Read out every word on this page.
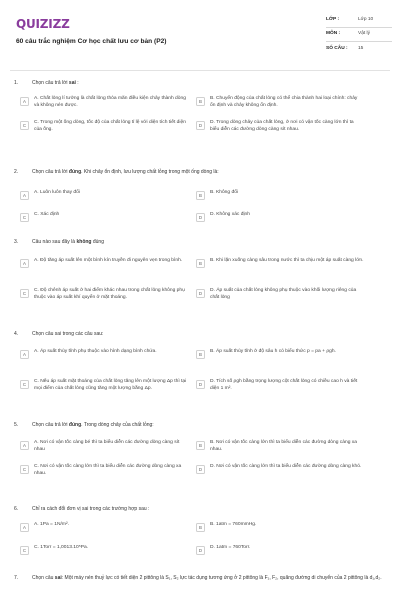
QUIZIZZ
60 câu trắc nghiệm Cơ học chất lưu cơ bản (P2)
LỚP :	Lớp 10
MÔN :	Vật lý
SỐ CÂU :	15
1.	Chọn câu trả lời sai :
A
A. Chất lỏng lí tưởng là chất lỏng thỏa mãn điều kiện chảy thành dòng và không nén được.
B
B. Chuyển động của chất lỏng có thể chia thành hai loại chính: chảy ổn định và chảy không ổn định.
C
C. Trong một ống dòng, tốc độ của chất lỏng tỉ lệ với diện tích tiết diện của ống.
D
D. Trong dòng chảy của chất lỏng, ở nơi có vận tốc càng lớn thì ta biểu diễn các đường dòng càng sít nhau.
2.	Chọn câu trả lời đúng. Khi chảy ổn định, lưu lượng chất lỏng trong một ống dòng là:
A
A. Luôn luôn thay đổi
B
B. Không đổi
C
C. Xác định
D
D. Không xác định
3.	Câu nào sau đây là không đúng
A
A. Độ tăng áp suất lên một bình kín truyền đi nguyên vẹn trong bình.
B
B. Khi lặn xuống càng sâu trong nước thì ta chịu một áp suất càng lớn.
C
C. Độ chênh áp suất ở hai điểm khác nhau trong chất lỏng không phụ thuộc vào áp suất khí quyển ở mặt thoáng.
D
D. Áp suất của chất lỏng không phụ thuộc vào khối lượng riêng của chất lỏng
4.	Chọn câu sai trong các câu sau:
A
A. Áp suất thủy tĩnh phụ thuộc vào hình dạng bình chứa.
B
B. Áp suất thủy tĩnh ở độ sâu h có biểu thức p = pa + ρgh.
C
C. Nếu áp suất mặt thoáng của chất lỏng tăng lên một lượng Δp thì tại mọi điểm của chất lỏng cũng tăng một lượng bằng Δp.
D
D. Tích số ρgh bằng trọng lượng cột chất lỏng có chiều cao h và tiết diện 1 m².
5.	Chọn câu trả lời đúng. Trong dòng chảy của chất lỏng:
A
A. Nơi có vận tốc càng bé thì ta biểu diễn các đường dòng càng sít nhau
B
B. Nơi có vận tốc càng lớn thì ta biểu diễn các đường dòng càng xa nhau.
C
C. Nơi có vận tốc càng lớn thì ta biểu diễn các đường dòng càng xa nhau.
D
D. Nơi có vận tốc càng lớn thì ta biểu diễn các đường dòng càng khó.
6.	Chỉ ra cách đổi đơn vị sai trong các trường hợp sau :
A
A. 1Pa = 1N/m².
B
B. 1atm = 760mmHg.
C
C. 1Torr = 1,0013.10⁵Pa.
D
D. 1atm = 760Torr.
7.	Chọn câu sai: Một máy nén thuỷ lực có tiết diện 2 pittông là S₁, S₂ lực tác dụng tương ứng ở 2 pittông là F₁, F₂, quãng đường di chuyển của 2 pittông là d₁,d₂.
